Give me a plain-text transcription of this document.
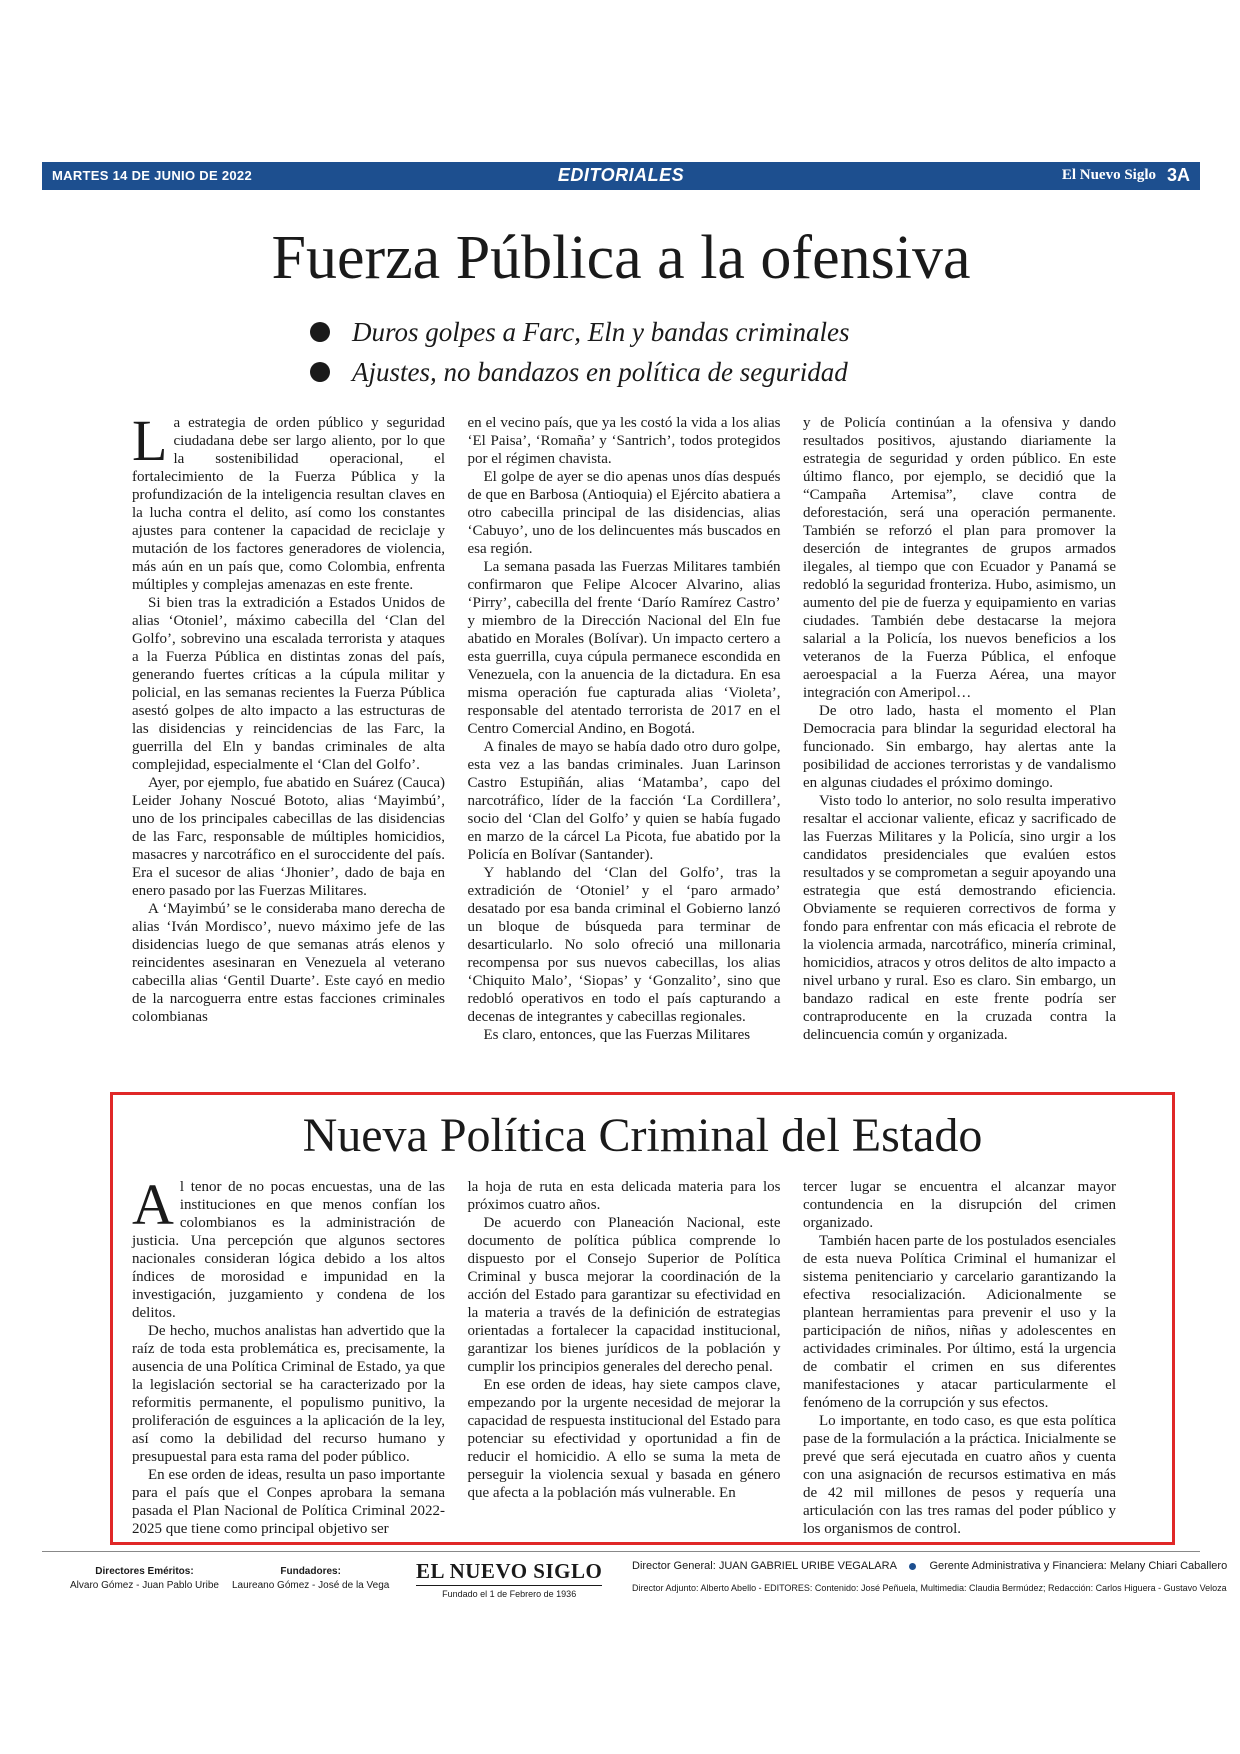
MARTES 14 DE JUNIO DE 2022	EDITORIALES	El Nuevo Siglo 3A
Fuerza Pública a la ofensiva
Duros golpes a Farc, Eln y bandas criminales
Ajustes, no bandazos en política de seguridad

La estrategia de orden público y seguridad ciudadana debe ser largo aliento, por lo que la sostenibilidad operacional, el fortalecimiento de la Fuerza Pública y la profundización de la inteligencia resultan claves en la lucha contra el delito, así como los constantes ajustes para contener la capacidad de reciclaje y mutación de los factores generadores de violencia, más aún en un país que, como Colombia, enfrenta múltiples y complejas amenazas en este frente.

Si bien tras la extradición a Estados Unidos de alias ‘Otoniel’, máximo cabecilla del ‘Clan del Golfo’, sobrevino una escalada terrorista y ataques a la Fuerza Pública en distintas zonas del país, generando fuertes críticas a la cúpula militar y policial, en las semanas recientes la Fuerza Pública asestó golpes de alto impacto a las estructuras de las disidencias y reincidencias de las Farc, la guerrilla del Eln y bandas criminales de alta complejidad, especialmente el ‘Clan del Golfo’.

Ayer, por ejemplo, fue abatido en Suárez (Cauca) Leider Johany Noscué Bototo, alias ‘Mayimbú’, uno de los principales cabecillas de las disidencias de las Farc, responsable de múltiples homicidios, masacres y narcotráfico en el suroccidente del país. Era el sucesor de alias ‘Jhonier’, dado de baja en enero pasado por las Fuerzas Militares.

A ‘Mayimbú’ se le consideraba mano derecha de alias ‘Iván Mordisco’, nuevo máximo jefe de las disidencias luego de que semanas atrás elenos y reincidentes asesinaran en Venezuela al veterano cabecilla alias ‘Gentil Duarte’. Este cayó en medio de la narcoguerra entre estas facciones criminales colombianas

en el vecino país, que ya les costó la vida a los alias ‘El Paisa’, ‘Romaña’ y ‘Santrich’, todos protegidos por el régimen chavista.

El golpe de ayer se dio apenas unos días después de que en Barbosa (Antioquia) el Ejército abatiera a otro cabecilla principal de las disidencias, alias ‘Cabuyo’, uno de los delincuentes más buscados en esa región.

La semana pasada las Fuerzas Militares también confirmaron que Felipe Alcocer Alvarino, alias ‘Pirry’, cabecilla del frente ‘Darío Ramírez Castro’ y miembro de la Dirección Nacional del Eln fue abatido en Morales (Bolívar). Un impacto certero a esta guerrilla, cuya cúpula permanece escondida en Venezuela, con la anuencia de la dictadura. En esa misma operación fue capturada alias ‘Violeta’, responsable del atentado terrorista de 2017 en el Centro Comercial Andino, en Bogotá.

A finales de mayo se había dado otro duro golpe, esta vez a las bandas criminales. Juan Larinson Castro Estupiñán, alias ‘Matamba’, capo del narcotráfico, líder de la facción ‘La Cordillera’, socio del ‘Clan del Golfo’ y quien se había fugado en marzo de la cárcel La Picota, fue abatido por la Policía en Bolívar (Santander).

Y hablando del ‘Clan del Golfo’, tras la extradición de ‘Otoniel’ y el ‘paro armado’ desatado por esa banda criminal el Gobierno lanzó un bloque de búsqueda para terminar de desarticularlo. No solo ofreció una millonaria recompensa por sus nuevos cabecillas, los alias ‘Chiquito Malo’, ‘Siopas’ y ‘Gonzalito’, sino que redobló operativos en todo el país capturando a decenas de integrantes y cabecillas regionales.

Es claro, entonces, que las Fuerzas Militares

y de Policía continúan a la ofensiva y dando resultados positivos, ajustando diariamente la estrategia de seguridad y orden público. En este último flanco, por ejemplo, se decidió que la “Campaña Artemisa”, clave contra de deforestación, será una operación permanente. También se reforzó el plan para promover la deserción de integrantes de grupos armados ilegales, al tiempo que con Ecuador y Panamá se redobló la seguridad fronteriza. Hubo, asimismo, un aumento del pie de fuerza y equipamiento en varias ciudades. También debe destacarse la mejora salarial a la Policía, los nuevos beneficios a los veteranos de la Fuerza Pública, el enfoque aeroespacial a la Fuerza Aérea, una mayor integración con Ameripol…

De otro lado, hasta el momento el Plan Democracia para blindar la seguridad electoral ha funcionado. Sin embargo, hay alertas ante la posibilidad de acciones terroristas y de vandalismo en algunas ciudades el próximo domingo.

Visto todo lo anterior, no solo resulta imperativo resaltar el accionar valiente, eficaz y sacrificado de las Fuerzas Militares y la Policía, sino urgir a los candidatos presidenciales que evalúen estos resultados y se comprometan a seguir apoyando una estrategia que está demostrando eficiencia. Obviamente se requieren correctivos de forma y fondo para enfrentar con más eficacia el rebrote de la violencia armada, narcotráfico, minería criminal, homicidios, atracos y otros delitos de alto impacto a nivel urbano y rural. Eso es claro. Sin embargo, un bandazo radical en este frente podría ser contraproducente en la cruzada contra la delincuencia común y organizada.

Nueva Política Criminal del Estado

Al tenor de no pocas encuestas, una de las instituciones en que menos confían los colombianos es la administración de justicia. Una percepción que algunos sectores nacionales consideran lógica debido a los altos índices de morosidad e impunidad en la investigación, juzgamiento y condena de los delitos.

De hecho, muchos analistas han advertido que la raíz de toda esta problemática es, precisamente, la ausencia de una Política Criminal de Estado, ya que la legislación sectorial se ha caracterizado por la reformitis permanente, el populismo punitivo, la proliferación de esguinces a la aplicación de la ley, así como la debilidad del recurso humano y presupuestal para esta rama del poder público.

En ese orden de ideas, resulta un paso importante para el país que el Conpes aprobara la semana pasada el Plan Nacional de Política Criminal 2022-2025 que tiene como principal objetivo ser

la hoja de ruta en esta delicada materia para los próximos cuatro años.

De acuerdo con Planeación Nacional, este documento de política pública comprende lo dispuesto por el Consejo Superior de Política Criminal y busca mejorar la coordinación de la acción del Estado para garantizar su efectividad en la materia a través de la definición de estrategias orientadas a fortalecer la capacidad institucional, garantizar los bienes jurídicos de la población y cumplir los principios generales del derecho penal.

En ese orden de ideas, hay siete campos clave, empezando por la urgente necesidad de mejorar la capacidad de respuesta institucional del Estado para potenciar su efectividad y oportunidad a fin de reducir el homicidio. A ello se suma la meta de perseguir la violencia sexual y basada en género que afecta a la población más vulnerable. En

tercer lugar se encuentra el alcanzar mayor contundencia en la disrupción del crimen organizado.

También hacen parte de los postulados esenciales de esta nueva Política Criminal el humanizar el sistema penitenciario y carcelario garantizando la efectiva resocialización. Adicionalmente se plantean herramientas para prevenir el uso y la participación de niños, niñas y adolescentes en actividades criminales. Por último, está la urgencia de combatir el crimen en sus diferentes manifestaciones y atacar particularmente el fenómeno de la corrupción y sus efectos.

Lo importante, en todo caso, es que esta política pase de la formulación a la práctica. Inicialmente se prevé que será ejecutada en cuatro años y cuenta con una asignación de recursos estimativa en más de 42 mil millones de pesos y requería una articulación con las tres ramas del poder público y los organismos de control.

Directores Eméritos:
Alvaro Gómez - Juan Pablo Uribe
Fundadores:
Laureano Gómez - José de la Vega
EL NUEVO SIGLO
Fundado el 1 de Febrero de 1936
Director General: JUAN GABRIEL URIBE VEGALARA	Gerente Administrativa y Financiera: Melany Chiari Caballero
Director Adjunto: Alberto Abello - EDITORES: Contenido: José Peñuela, Multimedia: Claudia Bermúdez; Redacción: Carlos Higuera - Gustavo Veloza
